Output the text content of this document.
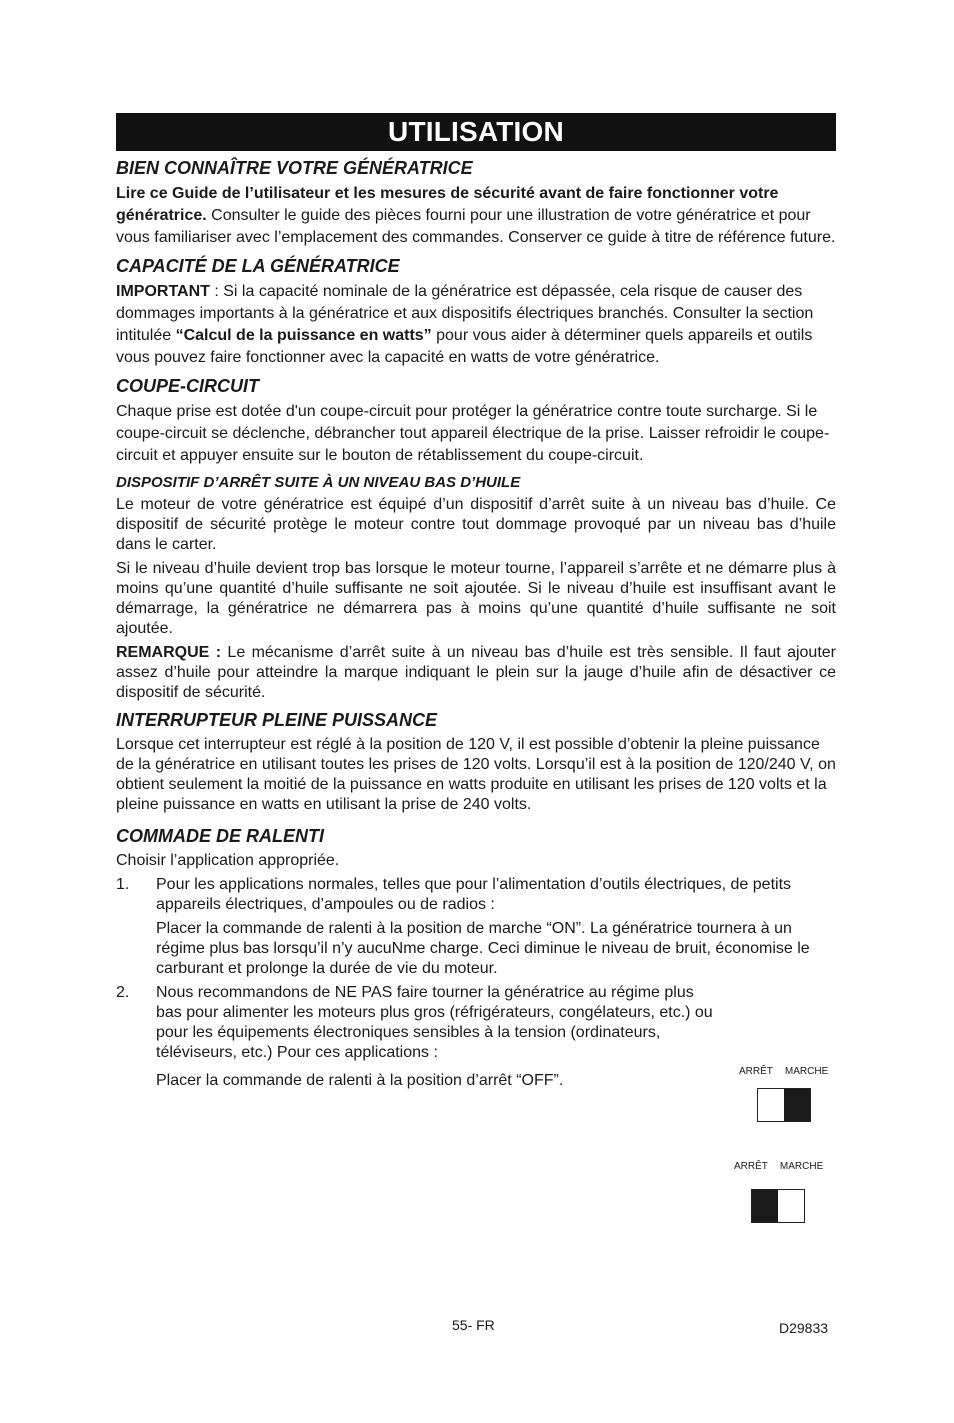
UTILISATION
BIEN CONNAÎTRE VOTRE GÉNÉRATRICE

Lire ce Guide de l’utilisateur et les mesures de sécurité avant de faire fonctionner votre génératrice. Consulter le guide des pièces fourni pour une illustration de votre génératrice et pour vous familiariser avec l’emplacement des commandes. Conserver ce guide à titre de référence future.

CAPACITÉ DE LA GÉNÉRATRICE

IMPORTANT : Si la capacité nominale de la génératrice est dépassée, cela risque de causer des dommages importants à la génératrice et aux dispositifs électriques branchés. Consulter la section intitulée “Calcul de la puissance en watts” pour vous aider à déterminer quels appareils et outils vous pouvez faire fonctionner avec la capacité en watts de votre génératrice.

COUPE-CIRCUIT

Chaque prise est dotée d'un coupe-circuit pour protéger la génératrice contre toute surcharge. Si le coupe-circuit se déclenche, débrancher tout appareil électrique de la prise. Laisser refroidir le coupe-circuit et appuyer ensuite sur le bouton de rétablissement du coupe-circuit.

DISPOSITIF D’ARRÊT SUITE À UN NIVEAU BAS D’HUILE

Le moteur de votre génératrice est équipé d’un dispositif d’arrêt suite à un niveau bas d’huile. Ce dispositif de sécurité protège le moteur contre tout dommage provoqué par un niveau bas d’huile dans le carter.

Si le niveau d’huile devient trop bas lorsque le moteur tourne, l’appareil s’arrête et ne démarre plus à moins qu’une quantité d’huile suffisante ne soit ajoutée. Si le niveau d’huile est insuffisant avant le démarrage, la génératrice ne démarrera pas à moins qu’une quantité d’huile suffisante ne soit ajoutée.

REMARQUE : Le mécanisme d’arrêt suite à un niveau bas d’huile est très sensible. Il faut ajouter assez d’huile pour atteindre la marque indiquant le plein sur la jauge d’huile afin de désactiver ce dispositif de sécurité.

INTERRUPTEUR PLEINE PUISSANCE

Lorsque cet interrupteur est réglé à la position de 120 V, il est possible d’obtenir la pleine puissance de la génératrice en utilisant toutes les prises de 120 volts. Lorsqu’il est à la position de 120/240 V, on obtient seulement la moitié de la puissance en watts produite en utilisant les prises de 120 volts et la pleine puissance en watts en utilisant la prise de 240 volts.

COMMADE DE RALENTI

Choisir l’application appropriée.

1. Pour les applications normales, telles que pour l’alimentation d’outils électriques, de petits appareils électriques, d’ampoules ou de radios :
Placer la commande de ralenti à la position de marche “ON”. La génératrice tournera à un régime plus bas lorsqu’il n’y aucuNme charge. Ceci diminue le niveau de bruit, économise le carburant et prolonge la durée de vie du moteur.
2. Nous recommandons de NE PAS faire tourner la génératrice au régime plus bas pour alimenter les moteurs plus gros (réfrigérateurs, congélateurs, etc.) ou pour les équipements électroniques sensibles à la tension (ordinateurs, téléviseurs, etc.) Pour ces applications :
Placer la commande de ralenti à la position d’arrêt “OFF”.
ARRÊT MARCHE
ARRÊT MARCHE
55- FR	D29833
